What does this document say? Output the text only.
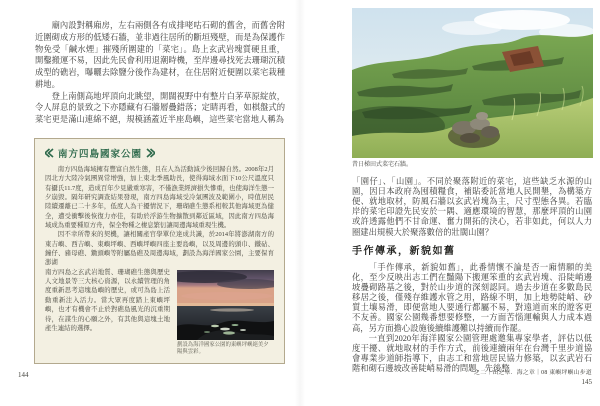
廟內設對稱廂房，左右兩側各有成排咾咕石砌的舊舍，而舊舍附近圍砌成方形的低矮石牆，並非過往居所的斷垣殘壁，而是為保護作物免受「鹹水煙」摧殘所圍建的「菜宅」。島上玄武岩塊質硬且重，開鑿搬運不易，因此先民會利用退潮時機，至岸邊尋找死去珊瑚沉積成型的礁岩，曝曬去除鹽分後作為建材，在住居附近便圍以菜宅栽種耕地。

登上南側高地坪頂向北眺望，開闊視野中有整片白茅草原綻放，令人屏息的景致之下亦隱藏有石牆層疊錯落；定睛再看，如棋盤式的菜宅更是滿山連綿不絕，規模涵蓋近半座島嶼，這些菜宅當地人稱為

南方四島國家公園

南方四島海域擁有豐富自然生態，且在人為活動減少後回歸自然。2008年2月因北方大陸冷氣團異常增強，加上東北季風助長，使得海域水面下10公尺溫度只有攝氏11.7度，造成百年少見嚴重寒害，不僅漁業經濟損失慘重，也使海洋生態一夕崩毀。隔年研究調查結果發現，南方四島海域受冷氣團波及範圍小，時值居民陸續遷離已二十多年，低度人為干擾情況下，珊瑚礁生態系相較其他海域更為健全，遭受衝擊後恢復力亦佳，有助於浮游生物擴散到鄰近區域，因此南方四島海域成為重要種原方舟，保全物種之棲息繁衍讓周邊海域重現生機。

因不幸所帶來的契機，讓相關產官學單位達成共識，於2014年將澎湖南方的東吉嶼、西吉嶼、東嶼坪嶼、西嶼坪嶼四座主要島嶼，以及周邊的頭巾、鐵砧、鐘仔、豬母礁、鋤頭嶼等附屬島礁及周邊海域，劃設為海洋國家公園，主要保育澎湖

劃設為海洋國家公園的東嶼坪嶼絕美夕陽與雲彩。

南方四島之玄武岩地質、珊瑚礁生態與歷史人文地景等三大核心資源，以永續管理的角度重新思考這塊島嶼的歷史，或可為島上活動重新注入活力。當大眾再度踏上東嶼坪嶼，也才有機會不止於對礁島風光的沉重期待，在謀生的心願之外，有其他與這塊土地產生連結的選擇。

144
昔日梯田式菜宅石牆。

「園仔」、「山園」。不同於聚落附近的菜宅，這些缺乏水源的山園，因日本政府為囤積糧食，補貼委託當地人民開墾，為構築方便、就地取材，防風石牆以玄武岩塊為主，尺寸型態各異。若臨岸的菜宅印證先民安於一隅、適應環境的智慧，那麼坪頂的山園或許透露他們不甘命運、奮力開拓的決心，若非如此，何以人力圈建出規模大於聚落數倍的壯闊山園？

手作傳承，新貌如舊

「手作傳承，新貌如舊」，此番情懷不論是否一廂情願的美化，至少反映出志工們在豔陽下搬運笨重的玄武岩塊、沿陡峭邊坡疊砌路基之後，對於山步道的深刻認同。過去步道在多數島民移居之後，僅殘存維護水管之用，路線不明，加上地勢陡峭、砂質土壤易滑，即便當地人要通行都屬不易，對遠道而來的遊客更不友善。國家公園幾番想要修整，一方面苦惱運輸與人力成本過高，另方面擔心設施後續維護難以持續而作罷。

一直到2020年海洋國家公園管理處邀集專家學者，評估以低度干擾、就地取材的手作方式，前後連續兩年在台灣千里步道協會專業步道師指導下，由志工和當地居民協力修築，以玄武岩石階和砌石邊坡改善陡峭易滑的問題，先後整

之二｜山之章．海之章｜08 東嶼坪嶼山步道
145
